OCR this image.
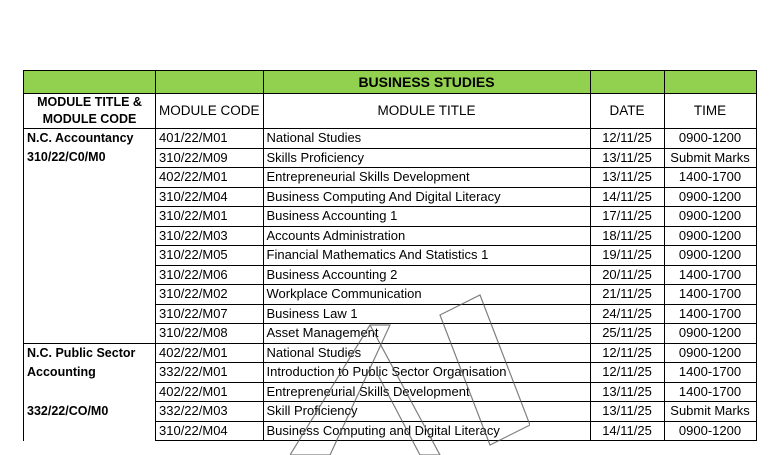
		BUSINESS STUDIES		

MODULE TITLE & MODULE CODE	MODULE CODE	MODULE TITLE	DATE	TIME
N.C. Accountancy	401/22/M01	National Studies	12/11/25	0900-1200
310/22/C0/M0	310/22/M09	Skills Proficiency	13/11/25	Submit Marks
	402/22/M01	Entrepreneurial Skills Development	13/11/25	1400-1700
	310/22/M04	Business Computing And Digital Literacy	14/11/25	0900-1200
	310/22/M01	Business Accounting 1	17/11/25	0900-1200
	310/22/M03	Accounts Administration	18/11/25	0900-1200
	310/22/M05	Financial Mathematics And Statistics 1	19/11/25	0900-1200
	310/22/M06	Business Accounting 2	20/11/25	1400-1700
	310/22/M02	Workplace Communication	21/11/25	1400-1700
	310/22/M07	Business Law 1	24/11/25	1400-1700
	310/22/M08	Asset Management	25/11/25	0900-1200
N.C. Public Sector	402/22/M01	National Studies	12/11/25	0900-1200
Accounting	332/22/M01	Introduction to Public Sector Organisation	12/11/25	1400-1700
	402/22/M01	Entrepreneurial Skills Development	13/11/25	1400-1700
332/22/CO/M0	332/22/M03	Skill Proficiency	13/11/25	Submit Marks
	310/22/M04	Business Computing and Digital Literacy	14/11/25	0900-1200
